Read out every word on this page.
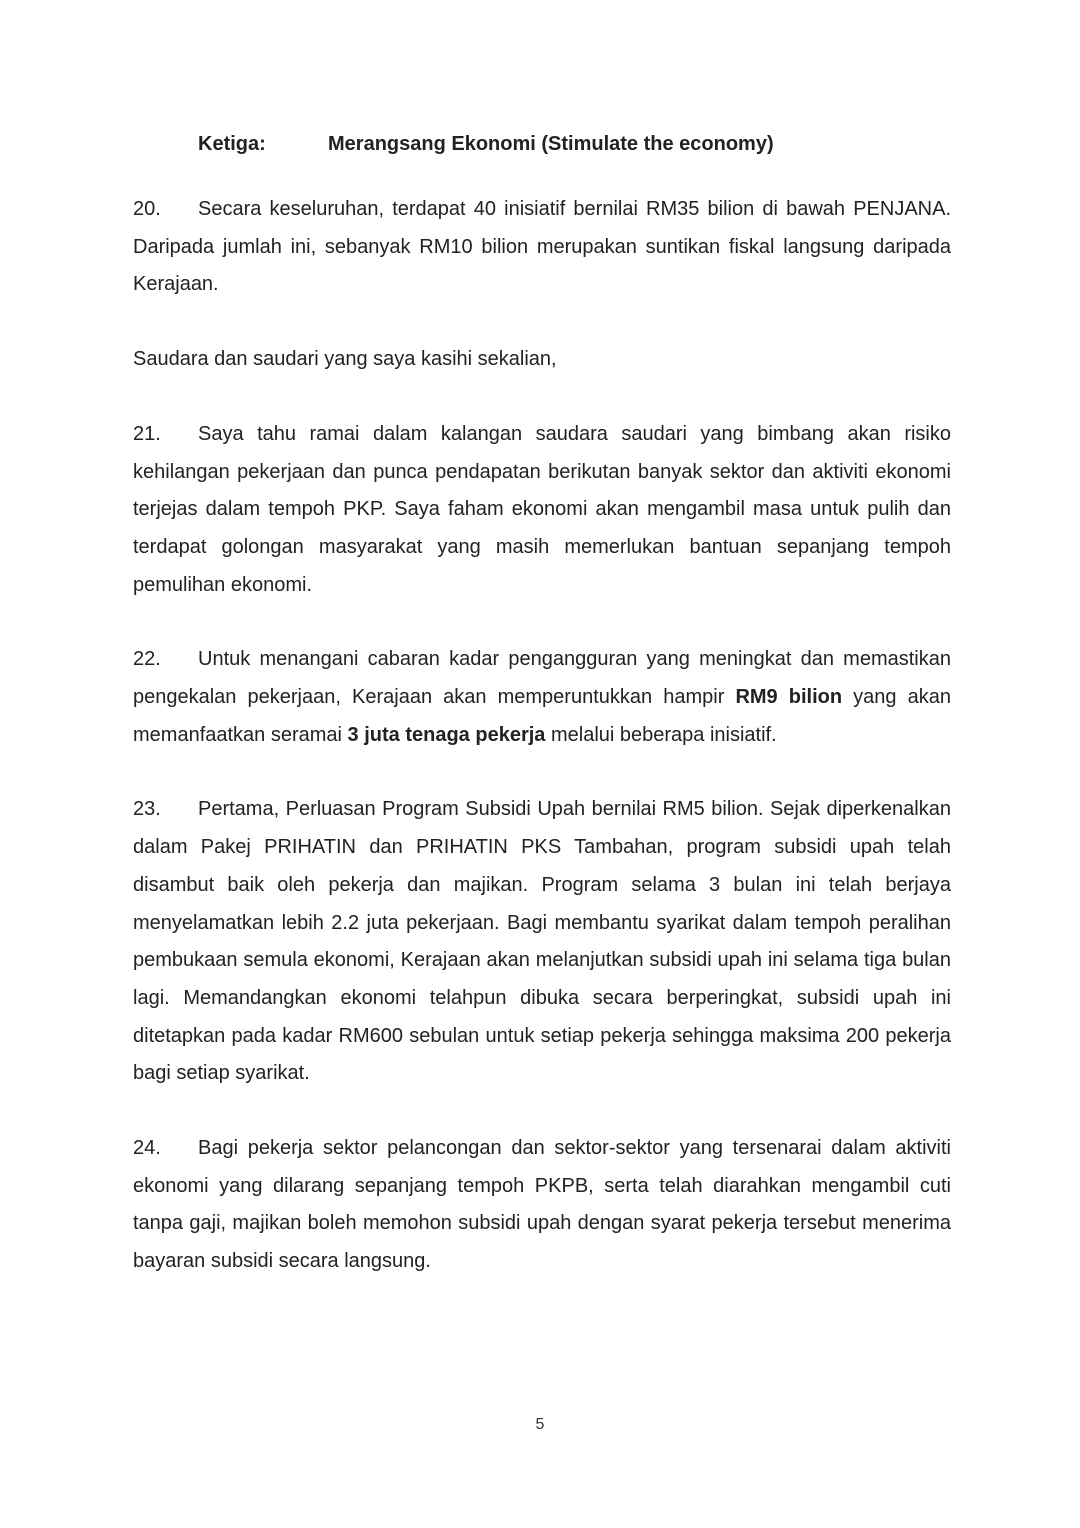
Ketiga:	Merangsang Ekonomi (Stimulate the economy)

20. Secara keseluruhan, terdapat 40 inisiatif bernilai RM35 bilion di bawah PENJANA. Daripada jumlah ini, sebanyak RM10 bilion merupakan suntikan fiskal langsung daripada Kerajaan.

Saudara dan saudari yang saya kasihi sekalian,

21. Saya tahu ramai dalam kalangan saudara saudari yang bimbang akan risiko kehilangan pekerjaan dan punca pendapatan berikutan banyak sektor dan aktiviti ekonomi terjejas dalam tempoh PKP. Saya faham ekonomi akan mengambil masa untuk pulih dan terdapat golongan masyarakat yang masih memerlukan bantuan sepanjang tempoh pemulihan ekonomi.

22. Untuk menangani cabaran kadar pengangguran yang meningkat dan memastikan pengekalan pekerjaan, Kerajaan akan memperuntukkan hampir RM9 bilion yang akan memanfaatkan seramai 3 juta tenaga pekerja melalui beberapa inisiatif.

23. Pertama, Perluasan Program Subsidi Upah bernilai RM5 bilion. Sejak diperkenalkan dalam Pakej PRIHATIN dan PRIHATIN PKS Tambahan, program subsidi upah telah disambut baik oleh pekerja dan majikan. Program selama 3 bulan ini telah berjaya menyelamatkan lebih 2.2 juta pekerjaan. Bagi membantu syarikat dalam tempoh peralihan pembukaan semula ekonomi, Kerajaan akan melanjutkan subsidi upah ini selama tiga bulan lagi. Memandangkan ekonomi telahpun dibuka secara berperingkat, subsidi upah ini ditetapkan pada kadar RM600 sebulan untuk setiap pekerja sehingga maksima 200 pekerja bagi setiap syarikat.

24. Bagi pekerja sektor pelancongan dan sektor-sektor yang tersenarai dalam aktiviti ekonomi yang dilarang sepanjang tempoh PKPB, serta telah diarahkan mengambil cuti tanpa gaji, majikan boleh memohon subsidi upah dengan syarat pekerja tersebut menerima bayaran subsidi secara langsung.

5
